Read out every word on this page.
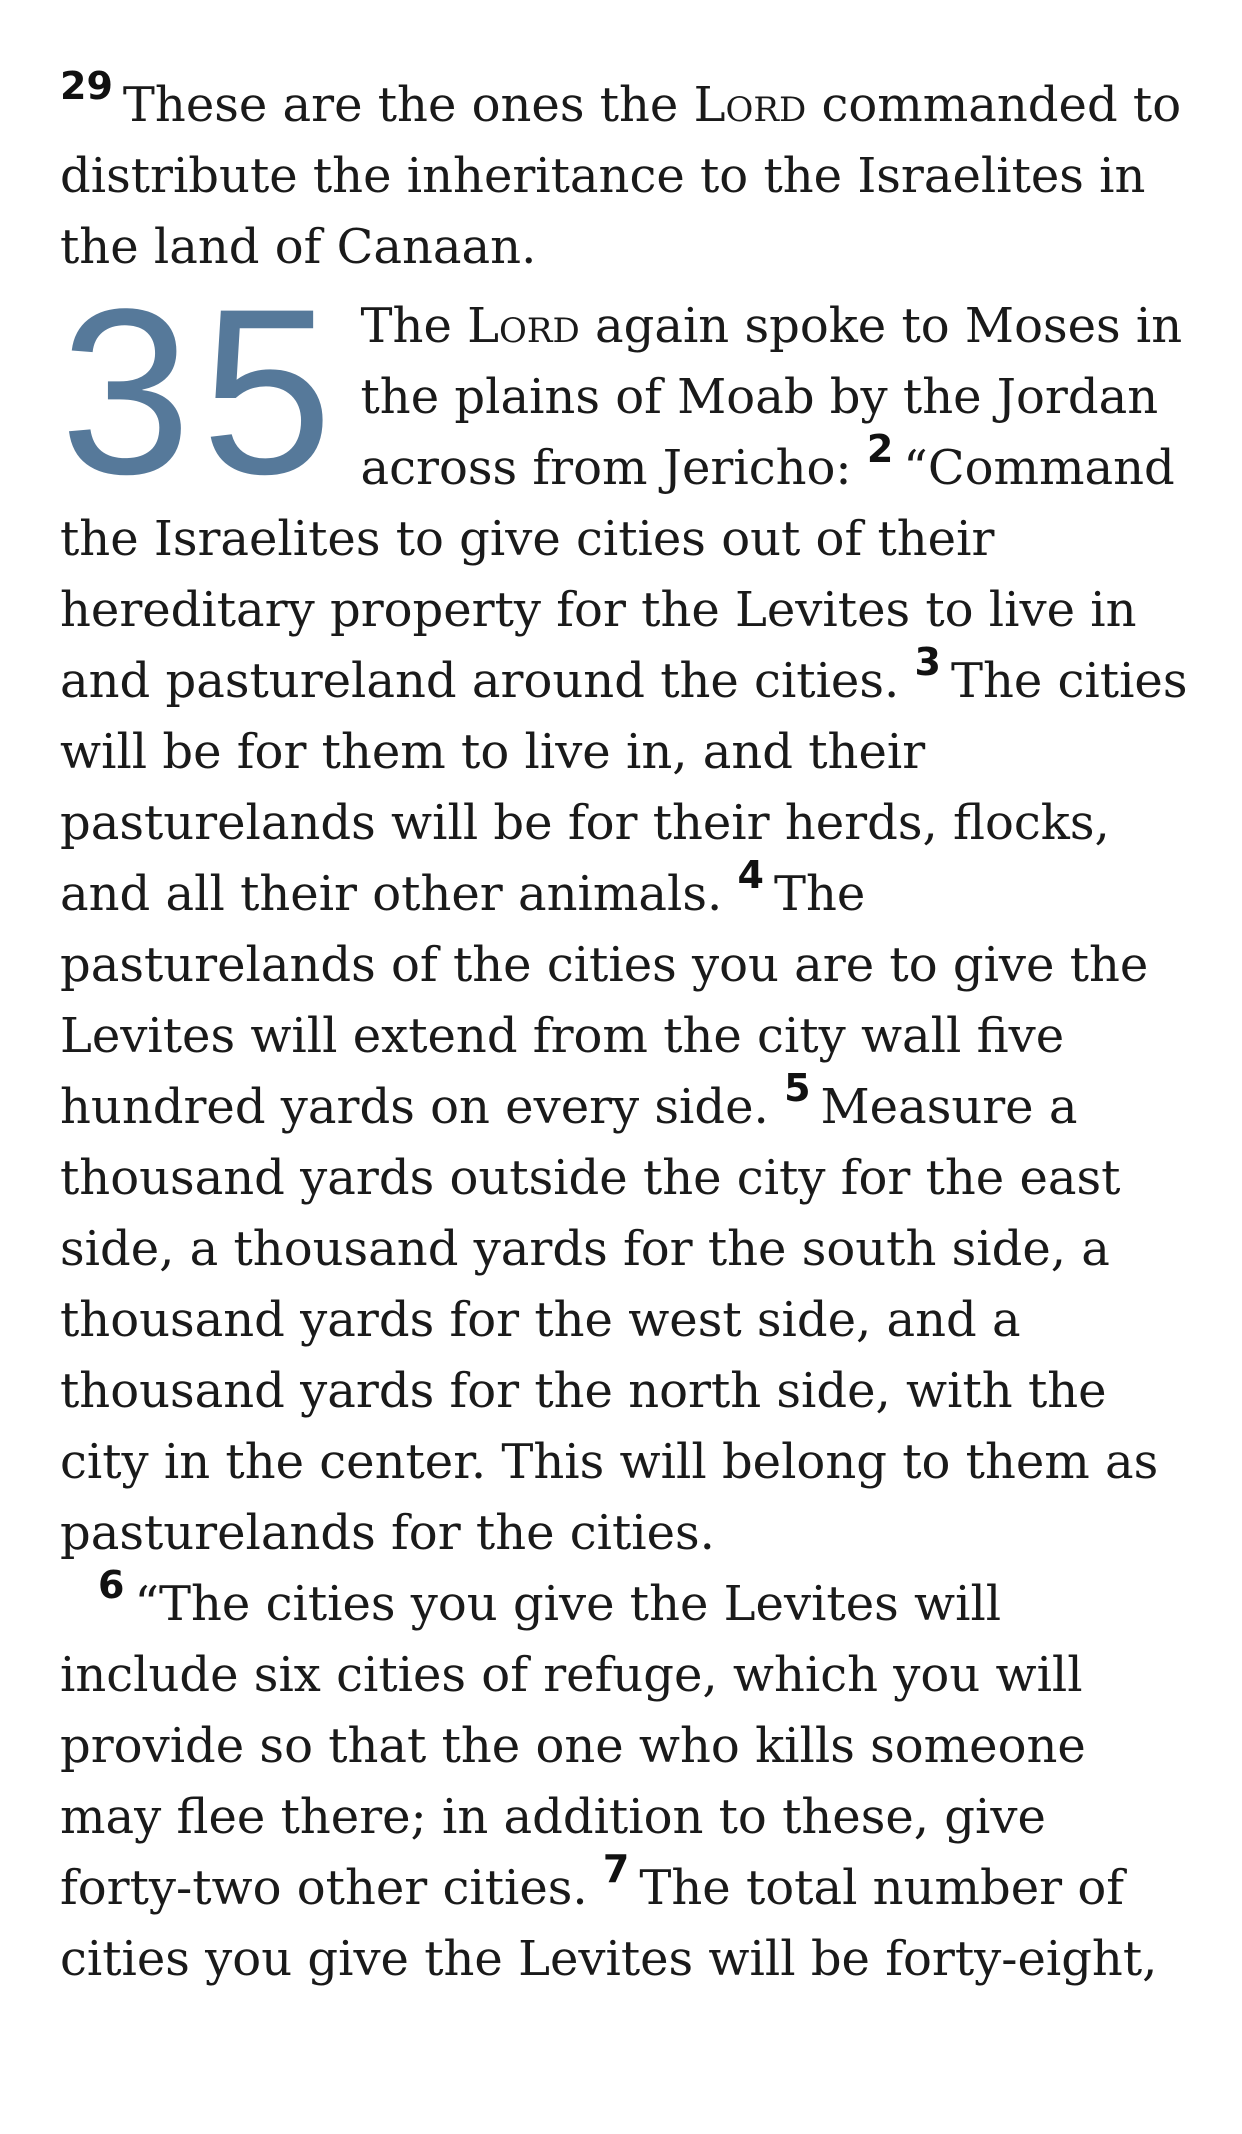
$^{29}$ These are the ones the Lord commanded to distribute the inheritance to the Israelites in the land of Canaan.

35 The Lord again spoke to Moses in the plains of Moab by the Jordan across from Jericho: $^2$ “Command the Israelites to give cities out of their hereditary property for the Levites to live in and pastureland around the cities. $^3$ The cities will be for them to live in, and their pasturelands will be for their herds, flocks, and all their other animals. $^4$ The pasturelands of the cities you are to give the Levites will extend from the city wall five hundred yards on every side. $^5$ Measure a thousand yards outside the city for the east side, a thousand yards for the south side, a thousand yards for the west side, and a thousand yards for the north side, with the city in the center. This will belong to them as pasturelands for the cities.

$^6$ “The cities you give the Levites will include six cities of refuge, which you will provide so that the one who kills someone may flee there; in addition to these, give forty-two other cities. $^7$ The total number of cities you give the Levites will be forty-eight,
